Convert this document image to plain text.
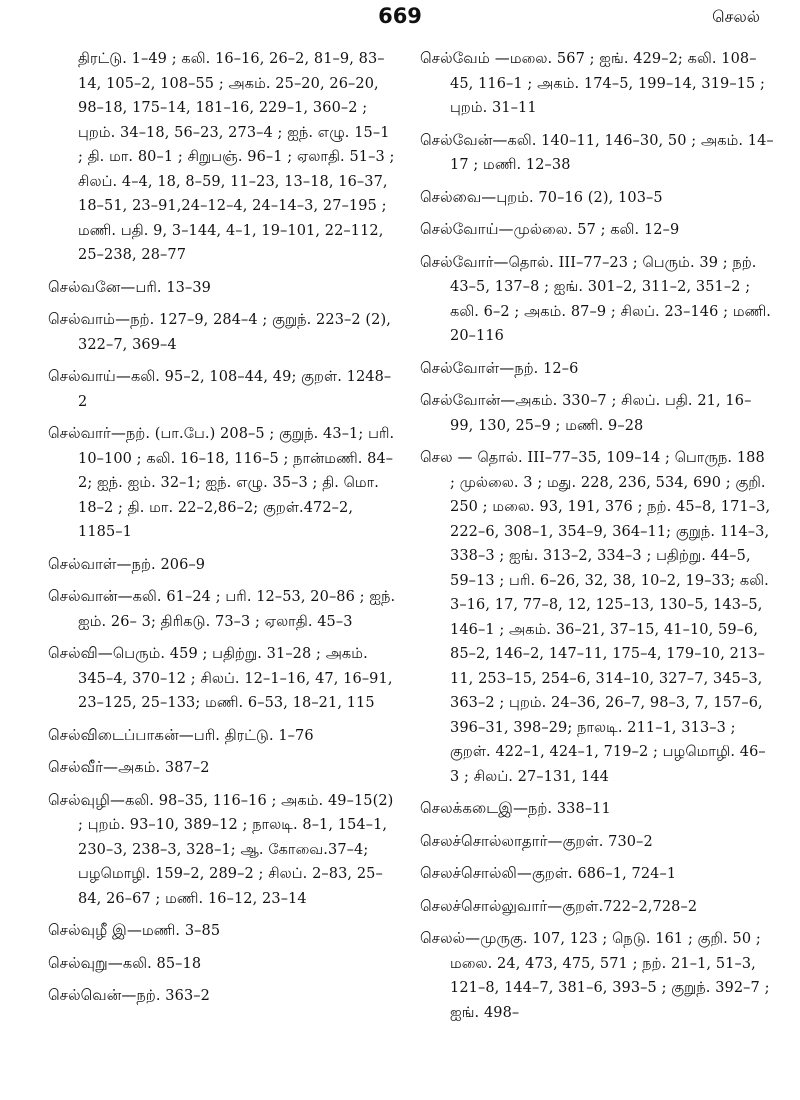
669	செலல்

திரட்டு. 1–49 ; கலி. 16–16, 26–2, 81–9, 83–14, 105–2, 108–55 ; அகம். 25–20, 26–20, 98–18, 175–14, 181–16, 229–1, 360–2 ; புறம். 34–18, 56–23, 273–4 ; ஐந். எழு. 15–1 ; தி. மா. 80–1 ; சிறுபஞ். 96–1 ; ஏலாதி. 51–3 ; சிலப். 4–4, 18, 8–59, 11–23, 13–18, 16–37, 18–51, 23–91,24–12–4, 24–14–3, 27–195 ; மணி. பதி. 9, 3–144, 4–1, 19–101, 22–112, 25–238, 28–77

செல்வனே—பரி. 13–39

செல்வாம்—நற். 127–9, 284–4 ; குறுந். 223–2 (2), 322–7, 369–4

செல்வாய்—கலி. 95–2, 108–44, 49; குறள். 1248–2

செல்வார்—நற். (பா.பே.) 208–5 ; குறுந். 43–1; பரி. 10–100 ; கலி. 16–18, 116–5 ; நான்மணி. 84–2; ஐந். ஐம். 32–1; ஐந். எழு. 35–3 ; தி. மொ. 18–2 ; தி. மா. 22–2,86–2; குறள்.472–2, 1185–1

செல்வாள்—நற். 206–9

செல்வான்—கலி. 61–24 ; பரி. 12–53, 20–86 ; ஐந். ஐம். 26– 3; திரிகடு. 73–3 ; ஏலாதி. 45–3

செல்வி—பெரும். 459 ; பதிற்று. 31–28 ; அகம். 345–4, 370–12 ; சிலப். 12–1–16, 47, 16–91, 23–125, 25–133; மணி. 6–53, 18–21, 115

செல்விடைப்பாகன்—பரி. திரட்டு. 1–76

செல்வீர்—அகம். 387–2

செல்வுழி—கலி. 98–35, 116–16 ; அகம். 49–15(2) ; புறம். 93–10, 389–12 ; நாலடி. 8–1, 154–1, 230–3, 238–3, 328–1; ஆ. கோவை.37–4; பழமொழி. 159–2, 289–2 ; சிலப். 2–83, 25–84, 26–67 ; மணி. 16–12, 23–14

செல்வுழீ இ—மணி. 3–85

செல்வுறு—கலி. 85–18

செல்வென்—நற். 363–2

செல்வேம் —மலை. 567 ; ஐங். 429–2; கலி. 108–45, 116–1 ; அகம். 174–5, 199–14, 319–15 ; புறம். 31–11

செல்வேன்—கலி. 140–11, 146–30, 50 ; அகம். 14–17 ; மணி. 12–38

செல்வை—புறம். 70–16 (2), 103–5

செல்வோய்—முல்லை. 57 ; கலி. 12–9

செல்வோர்—தொல். III–77–23 ; பெரும். 39 ; நற். 43–5, 137–8 ; ஐங். 301–2, 311–2, 351–2 ; கலி. 6–2 ; அகம். 87–9 ; சிலப். 23–146 ; மணி. 20–116

செல்வோள்—நற். 12–6

செல்வோன்—அகம். 330–7 ; சிலப். பதி. 21, 16–99, 130, 25–9 ; மணி. 9–28

செல — தொல். III–77–35, 109–14 ; பொருந. 188 ; முல்லை. 3 ; மது. 228, 236, 534, 690 ; குறி. 250 ; மலை. 93, 191, 376 ; நற். 45–8, 171–3, 222–6, 308–1, 354–9, 364–11; குறுந். 114–3, 338–3 ; ஐங். 313–2, 334–3 ; பதிற்று. 44–5, 59–13 ; பரி. 6–26, 32, 38, 10–2, 19–33; கலி. 3–16, 17, 77–8, 12, 125–13, 130–5, 143–5, 146–1 ; அகம். 36–21, 37–15, 41–10, 59–6, 85–2, 146–2, 147–11, 175–4, 179–10, 213–11, 253–15, 254–6, 314–10, 327–7, 345–3, 363–2 ; புறம். 24–36, 26–7, 98–3, 7, 157–6, 396–31, 398–29; நாலடி. 211–1, 313–3 ; குறள். 422–1, 424–1, 719–2 ; பழமொழி. 46–3 ; சிலப். 27–131, 144

செலக்கடைஇ—நற். 338–11

செலச்சொல்லாதார்—குறள். 730–2

செலச்சொல்லி—குறள். 686–1, 724–1

செலச்சொல்லுவார்—குறள்.722–2,728–2

செலல்—முருகு. 107, 123 ; நெடு. 161 ; குறி. 50 ; மலை. 24, 473, 475, 571 ; நற். 21–1, 51–3, 121–8, 144–7, 381–6, 393–5 ; குறுந். 392–7 ; ஐங். 498–
